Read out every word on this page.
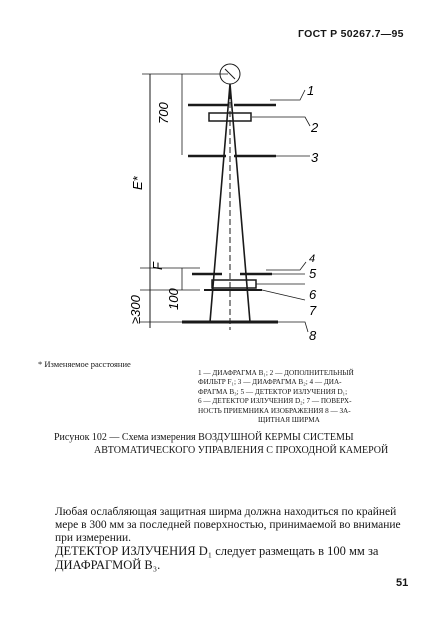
ГОСТ Р 50267.7—95
700
E*
F
100
≥300
1
2
3
4
5
6
7
8
* Изменяемое расстояние
1 — ДИАФРАГМА B₁; 2 — ДОПОЛНИТЕЛЬНЫЙ
ФИЛЬТР F₁; 3 — ДИАФРАГМА B₂; 4 — ДИА-
ФРАГМА B₃; 5 — ДЕТЕКТОР ИЗЛУЧЕНИЯ D₁;
6 — ДЕТЕКТОР ИЗЛУЧЕНИЯ D₂; 7 — ПОВЕРХ-
НОСТЬ ПРИЕМНИКА ИЗОБРАЖЕНИЯ 8 — ЗА-
ЩИТНАЯ ШИРМА
Рисунок 102 — Схема измерения ВОЗДУШНОЙ КЕРМЫ СИСТЕМЫ
АВТОМАТИЧЕСКОГО УПРАВЛЕНИЯ С ПРОХОДНОЙ КАМЕРОЙ
Любая ослабляющая защитная ширма должна находиться по крайней мере в 300 мм за последней поверхностью, принимаемой во внимание при измерении.
ДЕТЕКТОР ИЗЛУЧЕНИЯ D₁ следует размещать в 100 мм за ДИАФРАГМОЙ B₃.
51
